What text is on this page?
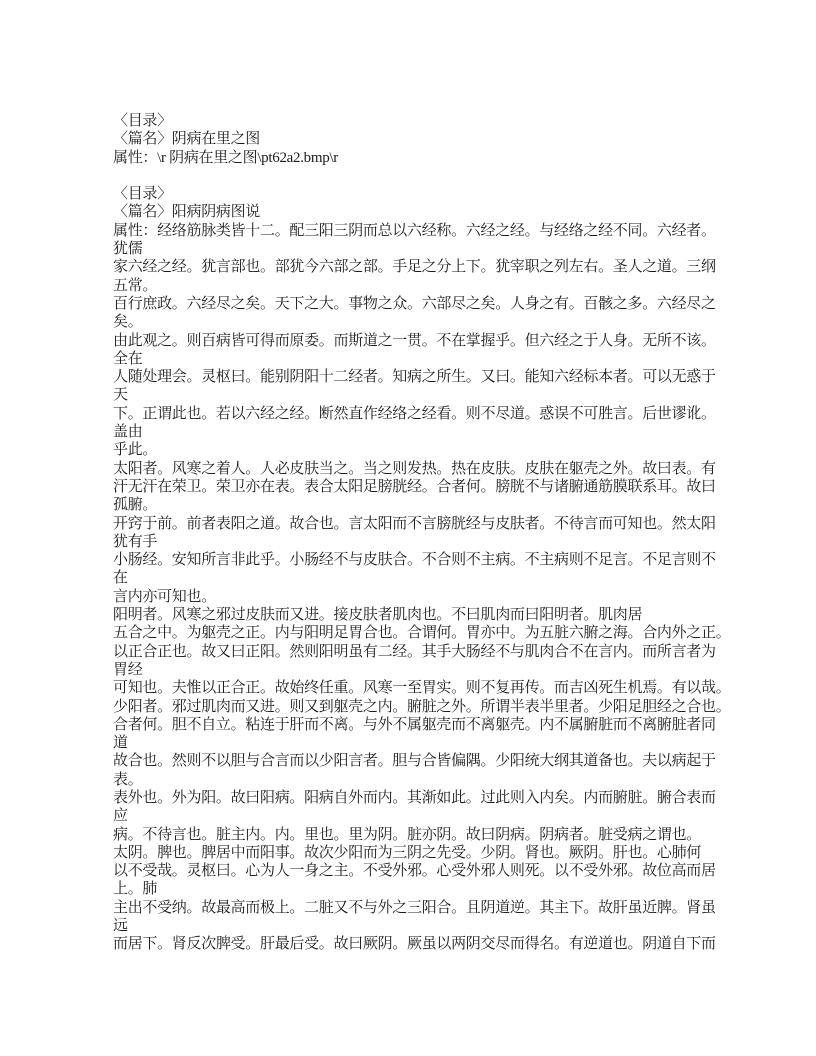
〈目录〉
〈篇名〉阴病在里之图
属性：\r 阴病在里之图\pt62a2.bmp\r

〈目录〉
〈篇名〉阳病阴病图说
属性：经络筋脉类皆十二。配三阳三阴而总以六经称。六经之经。与经络之经不同。六经者。
犹儒
家六经之经。犹言部也。部犹今六部之部。手足之分上下。犹宰职之列左右。圣人之道。三纲
五常。
百行庶政。六经尽之矣。天下之大。事物之众。六部尽之矣。人身之有。百骸之多。六经尽之
矣。
由此观之。则百病皆可得而原委。而斯道之一贯。不在掌握乎。但六经之于人身。无所不该。
全在
人随处理会。灵枢曰。能别阴阳十二经者。知病之所生。又曰。能知六经标本者。可以无惑于
天
下。正谓此也。若以六经之经。断然直作经络之经看。则不尽道。惑误不可胜言。后世谬讹。
盖由
乎此。
太阳者。风寒之着人。人必皮肤当之。当之则发热。热在皮肤。皮肤在躯壳之外。故曰表。有
汗无汗在荣卫。荣卫亦在表。表合太阳足膀胱经。合者何。膀胱不与诸腑通筋膜联系耳。故曰
孤腑。
开窍于前。前者表阳之道。故合也。言太阳而不言膀胱经与皮肤者。不待言而可知也。然太阳
犹有手
小肠经。安知所言非此乎。小肠经不与皮肤合。不合则不主病。不主病则不足言。不足言则不
在
言内亦可知也。
阳明者。风寒之邪过皮肤而又进。接皮肤者肌肉也。不曰肌肉而曰阳明者。肌肉居
五合之中。为躯壳之正。内与阳明足胃合也。合谓何。胃亦中。为五脏六腑之海。合内外之正。
以正合正也。故又曰正阳。然则阳明虽有二经。其手大肠经不与肌肉合不在言内。而所言者为
胃经
可知也。夫惟以正合正。故始终任重。风寒一至胃实。则不复再传。而吉凶死生机焉。有以哉。
少阳者。邪过肌肉而又进。则又到躯壳之内。腑脏之外。所谓半表半里者。少阳足胆经之合也。
合者何。胆不自立。粘连于肝而不离。与外不属躯壳而不离躯壳。内不属腑脏而不离腑脏者同
道
故合也。然则不以胆与合言而以少阳言者。胆与合皆偏隅。少阳统大纲其道备也。夫以病起于
表。
表外也。外为阳。故曰阳病。阳病自外而内。其渐如此。过此则入内矣。内而腑脏。腑合表而
应
病。不待言也。脏主内。内。里也。里为阴。脏亦阴。故曰阴病。阴病者。脏受病之谓也。
太阴。脾也。脾居中而阳事。故次少阳而为三阴之先受。少阴。肾也。厥阴。肝也。心肺何
以不受哉。灵枢曰。心为人一身之主。不受外邪。心受外邪人则死。以不受外邪。故位高而居
上。肺
主出不受纳。故最高而极上。二脏又不与外之三阳合。且阴道逆。其主下。故肝虽近脾。肾虽
远
而居下。肾反次脾受。肝最后受。故曰厥阴。厥虽以两阴交尽而得名。有逆道也。阴道自下而
